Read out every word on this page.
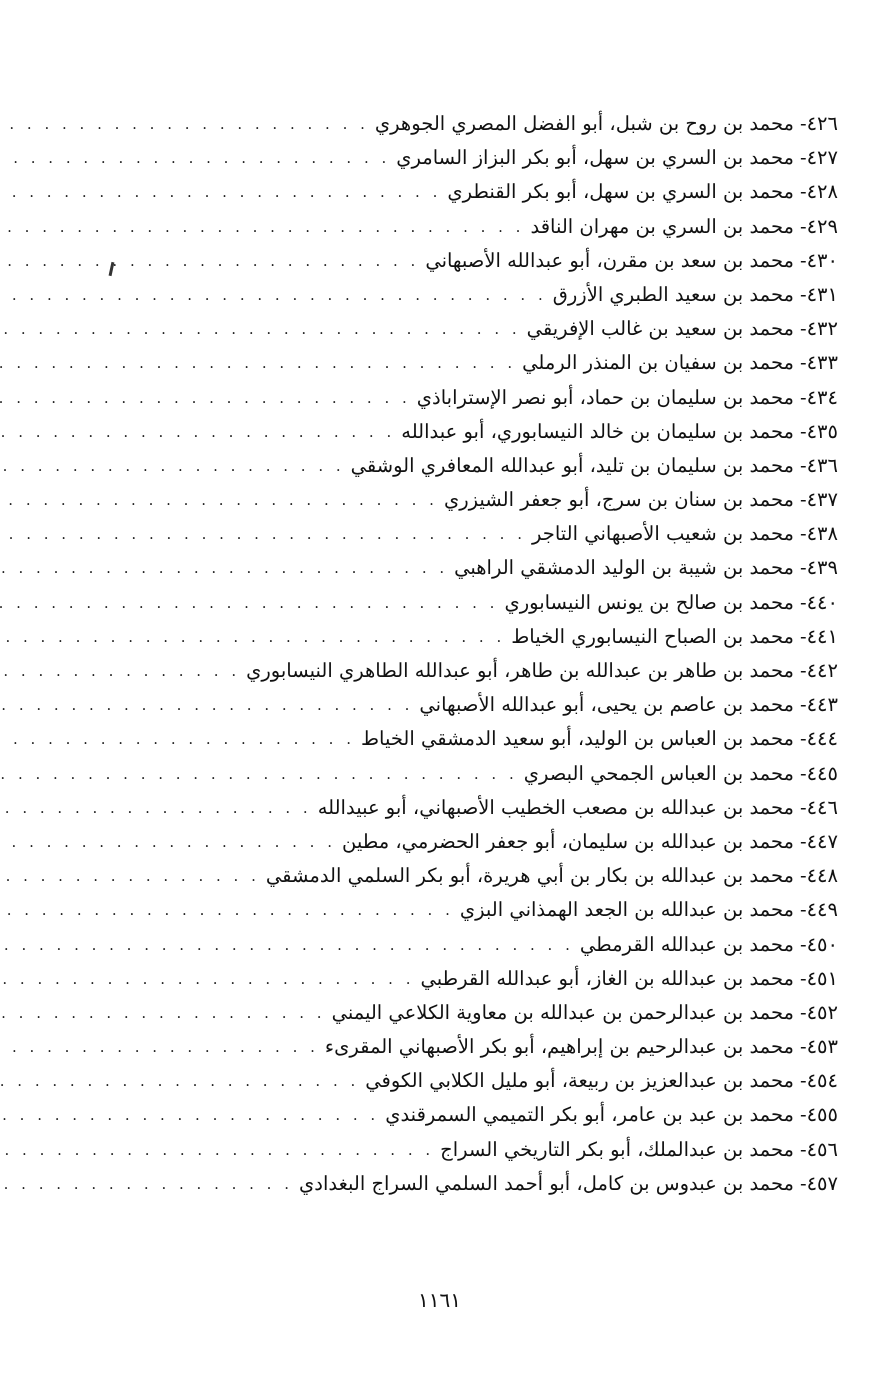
٤٢٦
-
محمد بن روح بن شبل، أبو الفضل المصري الجوهري
. . .
٤٢٧
-
محمد بن السري بن سهل، أبو بكر البزاز السامري
. . .
٤٢٨
-
محمد بن السري بن سهل، أبو بكر القنطري
. . .
٤٢٩
-
محمد بن السري بن مهران الناقد
. . .
٤٣٠
-
محمد بن سعد بن مقرن، أبو عبدالله الأصبهاني
. . .
٤٣١
-
محمد بن سعيد الطبري الأزرق
. . .
٤٣٢
-
محمد بن سعيد بن غالب الإفريقي
. . .
٤٣٣
-
محمد بن سفيان بن المنذر الرملي
. . .
٤٣٤
-
محمد بن سليمان بن حماد، أبو نصر الإسترابا‌ذي
. . .
٤٣٥
-
محمد بن سليمان بن خالد النيسابوري، أبو عبدالله
. . .
٤٣٦
-
محمد بن سليمان بن تليد، أبو عبدالله المعافري الوشقي
. . .
٤٣٧
-
محمد بن سنان بن سرج، أبو جعفر الشيزري
. . .
٤٣٨
-
محمد بن شعيب الأصبهاني التاجر
. . .
٤٣٩
-
محمد بن شيبة بن الوليد الدمشقي الراهبي
. . .
٤٤٠
-
محمد بن صالح بن يونس النيسابوري
. . .
٤٤١
-
محمد بن الصباح النيسابوري الخياط
. . .
٤٤٢
-
محمد بن طاهر بن عبدالله بن طاهر، أبو عبدالله الطاهري النيسابوري
. . .
٤٤٣
-
محمد بن عاصم بن يحيى، أبو عبدالله الأصبهاني
. . .
٤٤٤
-
محمد بن العباس بن الوليد، أبو سعيد الدمشقي الخياط
. . .
٤٤٥
-
محمد بن العباس الجمحي البصري
. . .
٤٤٦
-
محمد بن عبدالله بن مصعب الخطيب الأصبهاني، أبو عبيدالله
. . .
٤٤٧
-
محمد بن عبدالله بن سليمان، أبو جعفر الحضرمي، مطين
. . .
٤٤٨
-
محمد بن عبدالله بن بكار بن أبي هريرة، أبو بكر السلمي الدمشقي
. . .
٤٤٩
-
محمد بن عبدالله بن الجعد الهمذاني البزي
. . .
٤٥٠
-
محمد بن عبدالله القرمطي
. . .
٤٥١
-
محمد بن عبدالله بن الغاز، أبو عبدالله القرطبي
. . .
٤٥٢
-
محمد بن عبدالرحمن بن عبدالله بن معاوية الكلاعي اليمني
. . .
٤٥٣
-
محمد بن عبدالرحيم بن إبراهيم، أبو بكر الأصبهاني المقرىء
. . .
٤٥٤
-
محمد بن عبدالعزيز بن ربيعة، أبو مليل الكلابي الكوفي
. . .
٤٥٥
-
محمد بن عبد بن عامر، أبو بكر التميمي السمرقندي
. . .
٤٥٦
-
محمد بن عبدالملك، أبو بكر التاريخي السراج
. . .
٤٥٧
-
محمد بن عبدوس بن كامل، أبو أحمد السلمي السراج البغدادي
. . .
١١٦١
